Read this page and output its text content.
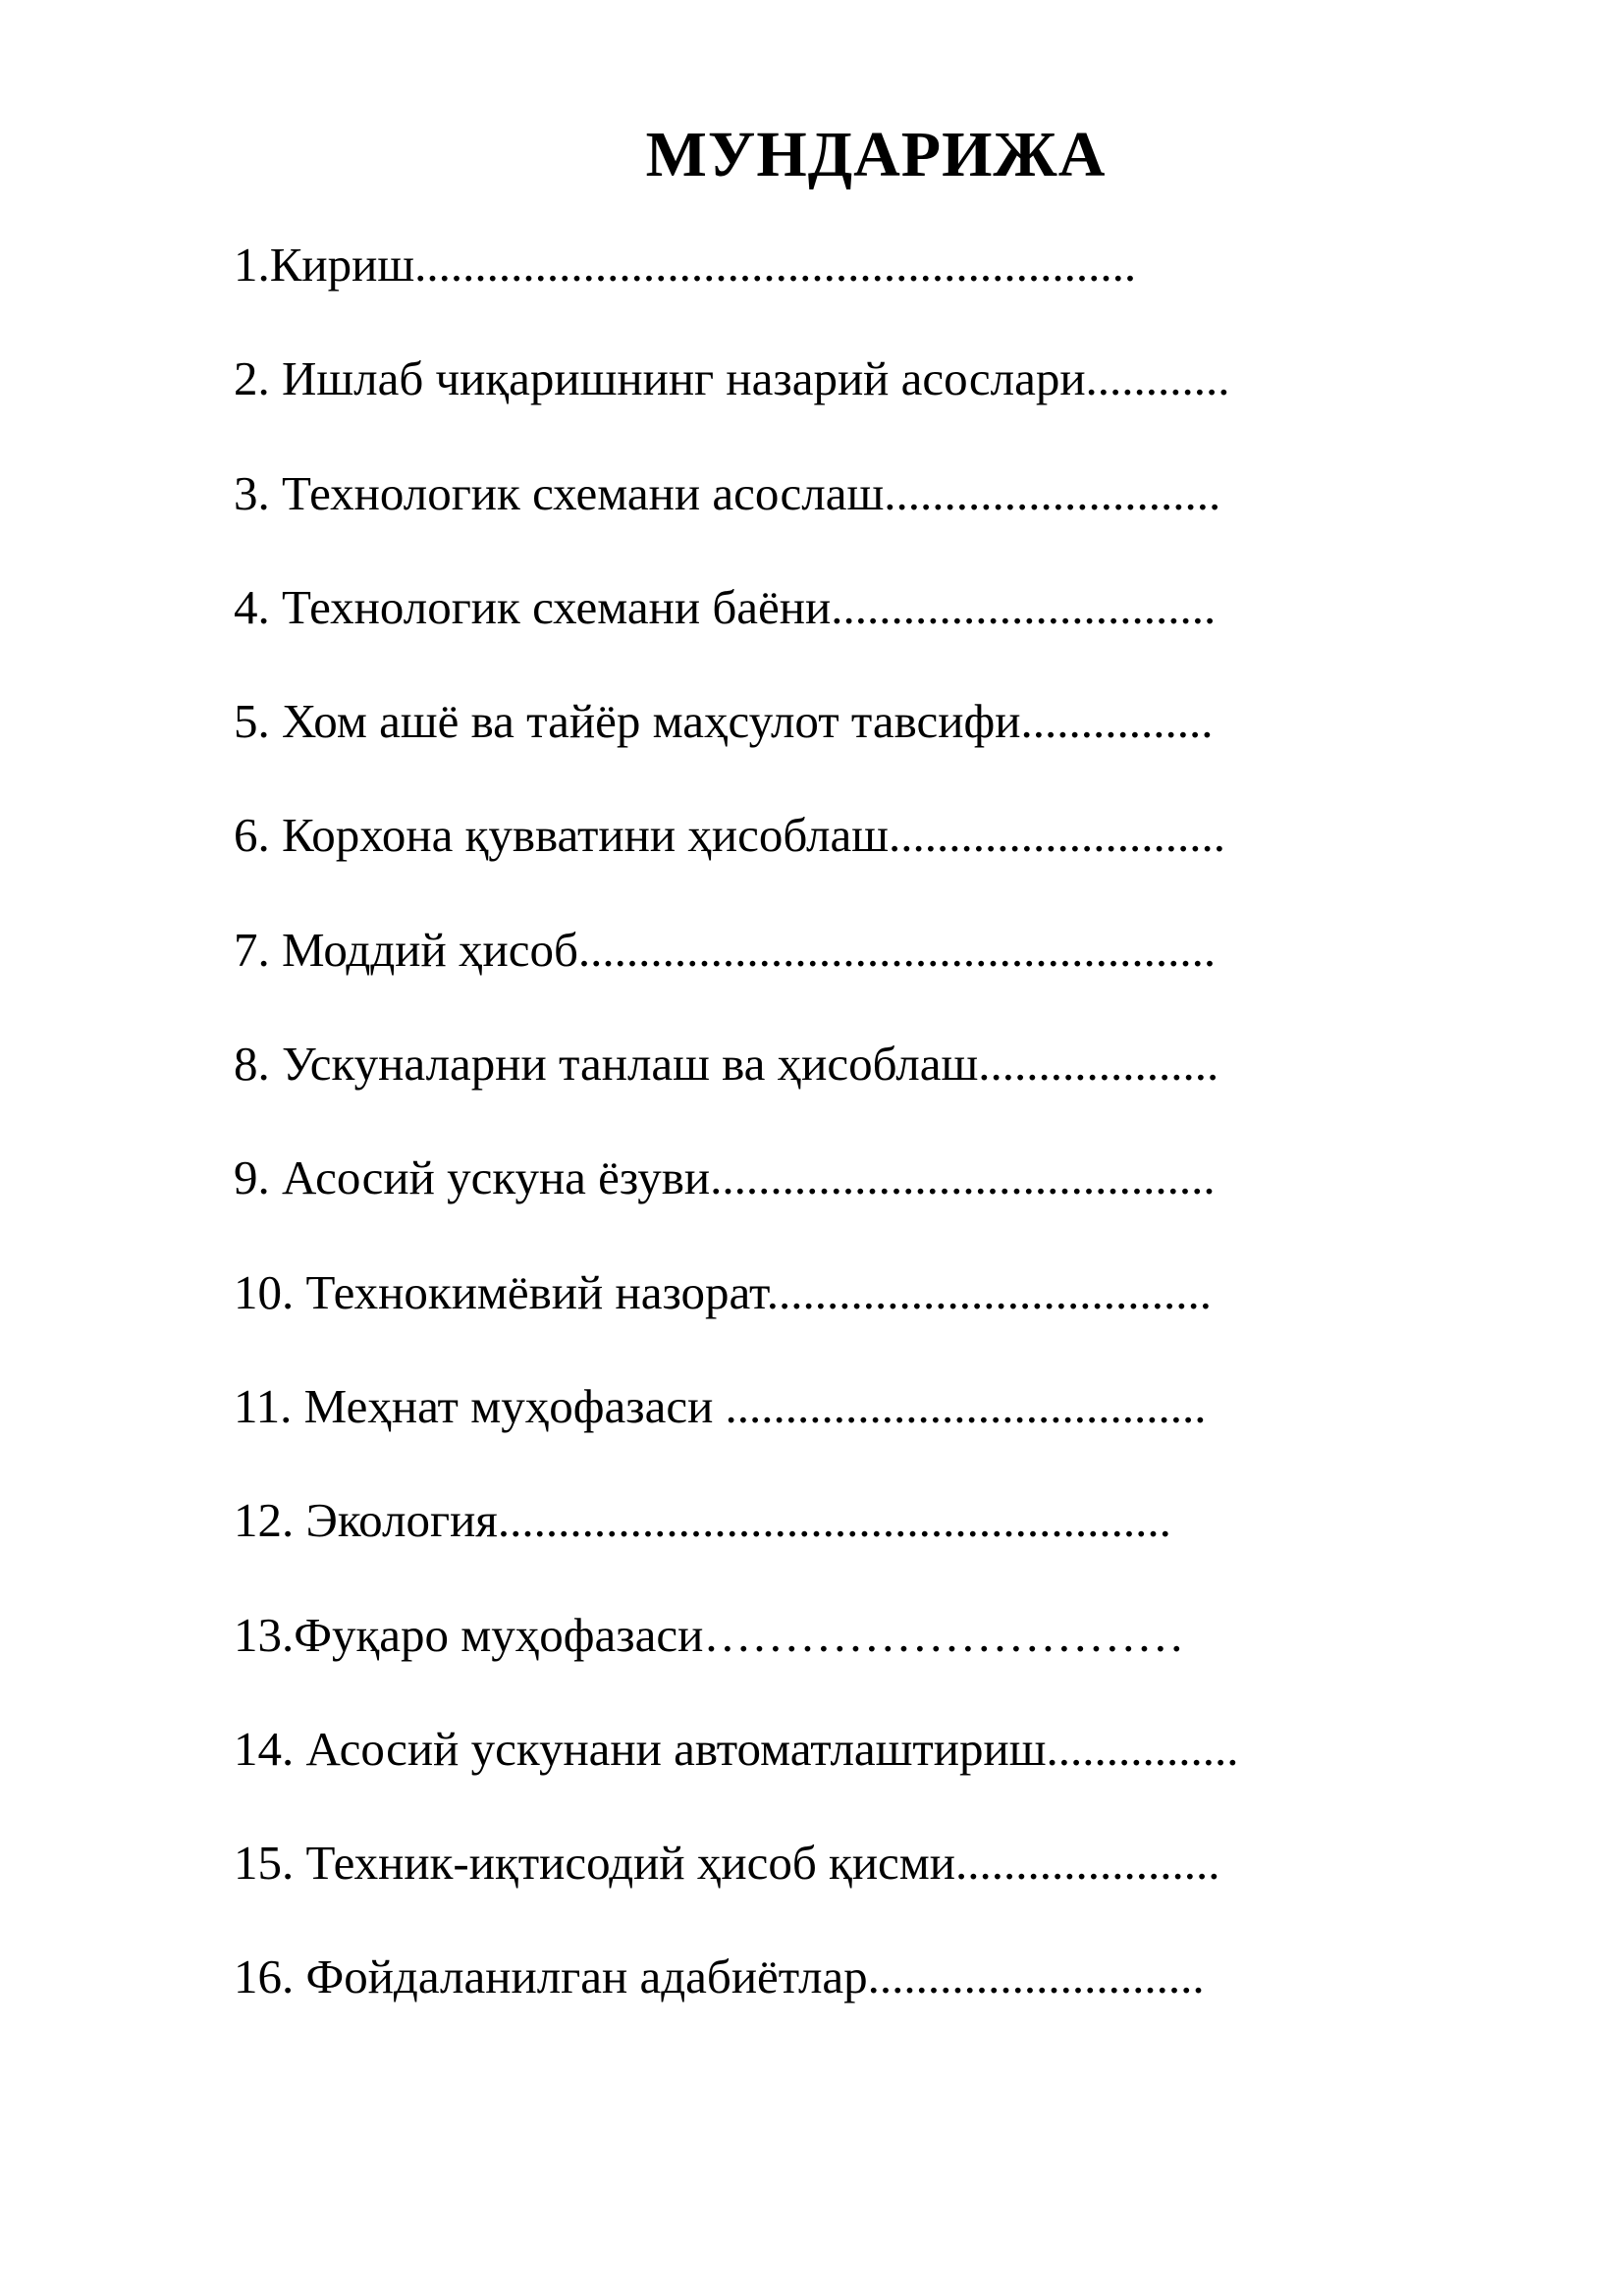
МУНДАРИЖА
1.Кириш............................................................
2. Ишлаб чиқаришнинг назарий асослари............
3. Технологик схемани асослаш............................
4. Технологик схемани баёни................................
5. Хом ашё ва тайёр маҳсулот тавсифи................
6. Корхона қувватини ҳисоблаш............................
7. Моддий ҳисоб.....................................................
8. Ускуналарни танлаш ва ҳисоблаш....................
9. Асосий ускуна ёзуви..........................................
10. Технокимёвий назорат.....................................
11. Меҳнат муҳофазаси ........................................
12. Экология........................................................
13.Фуқаро муҳофазаси…………………………
14. Асосий ускунани автоматлаштириш................
15. Техник-иқтисодий ҳисоб қисми......................
16. Фойдаланилган адабиётлар............................
